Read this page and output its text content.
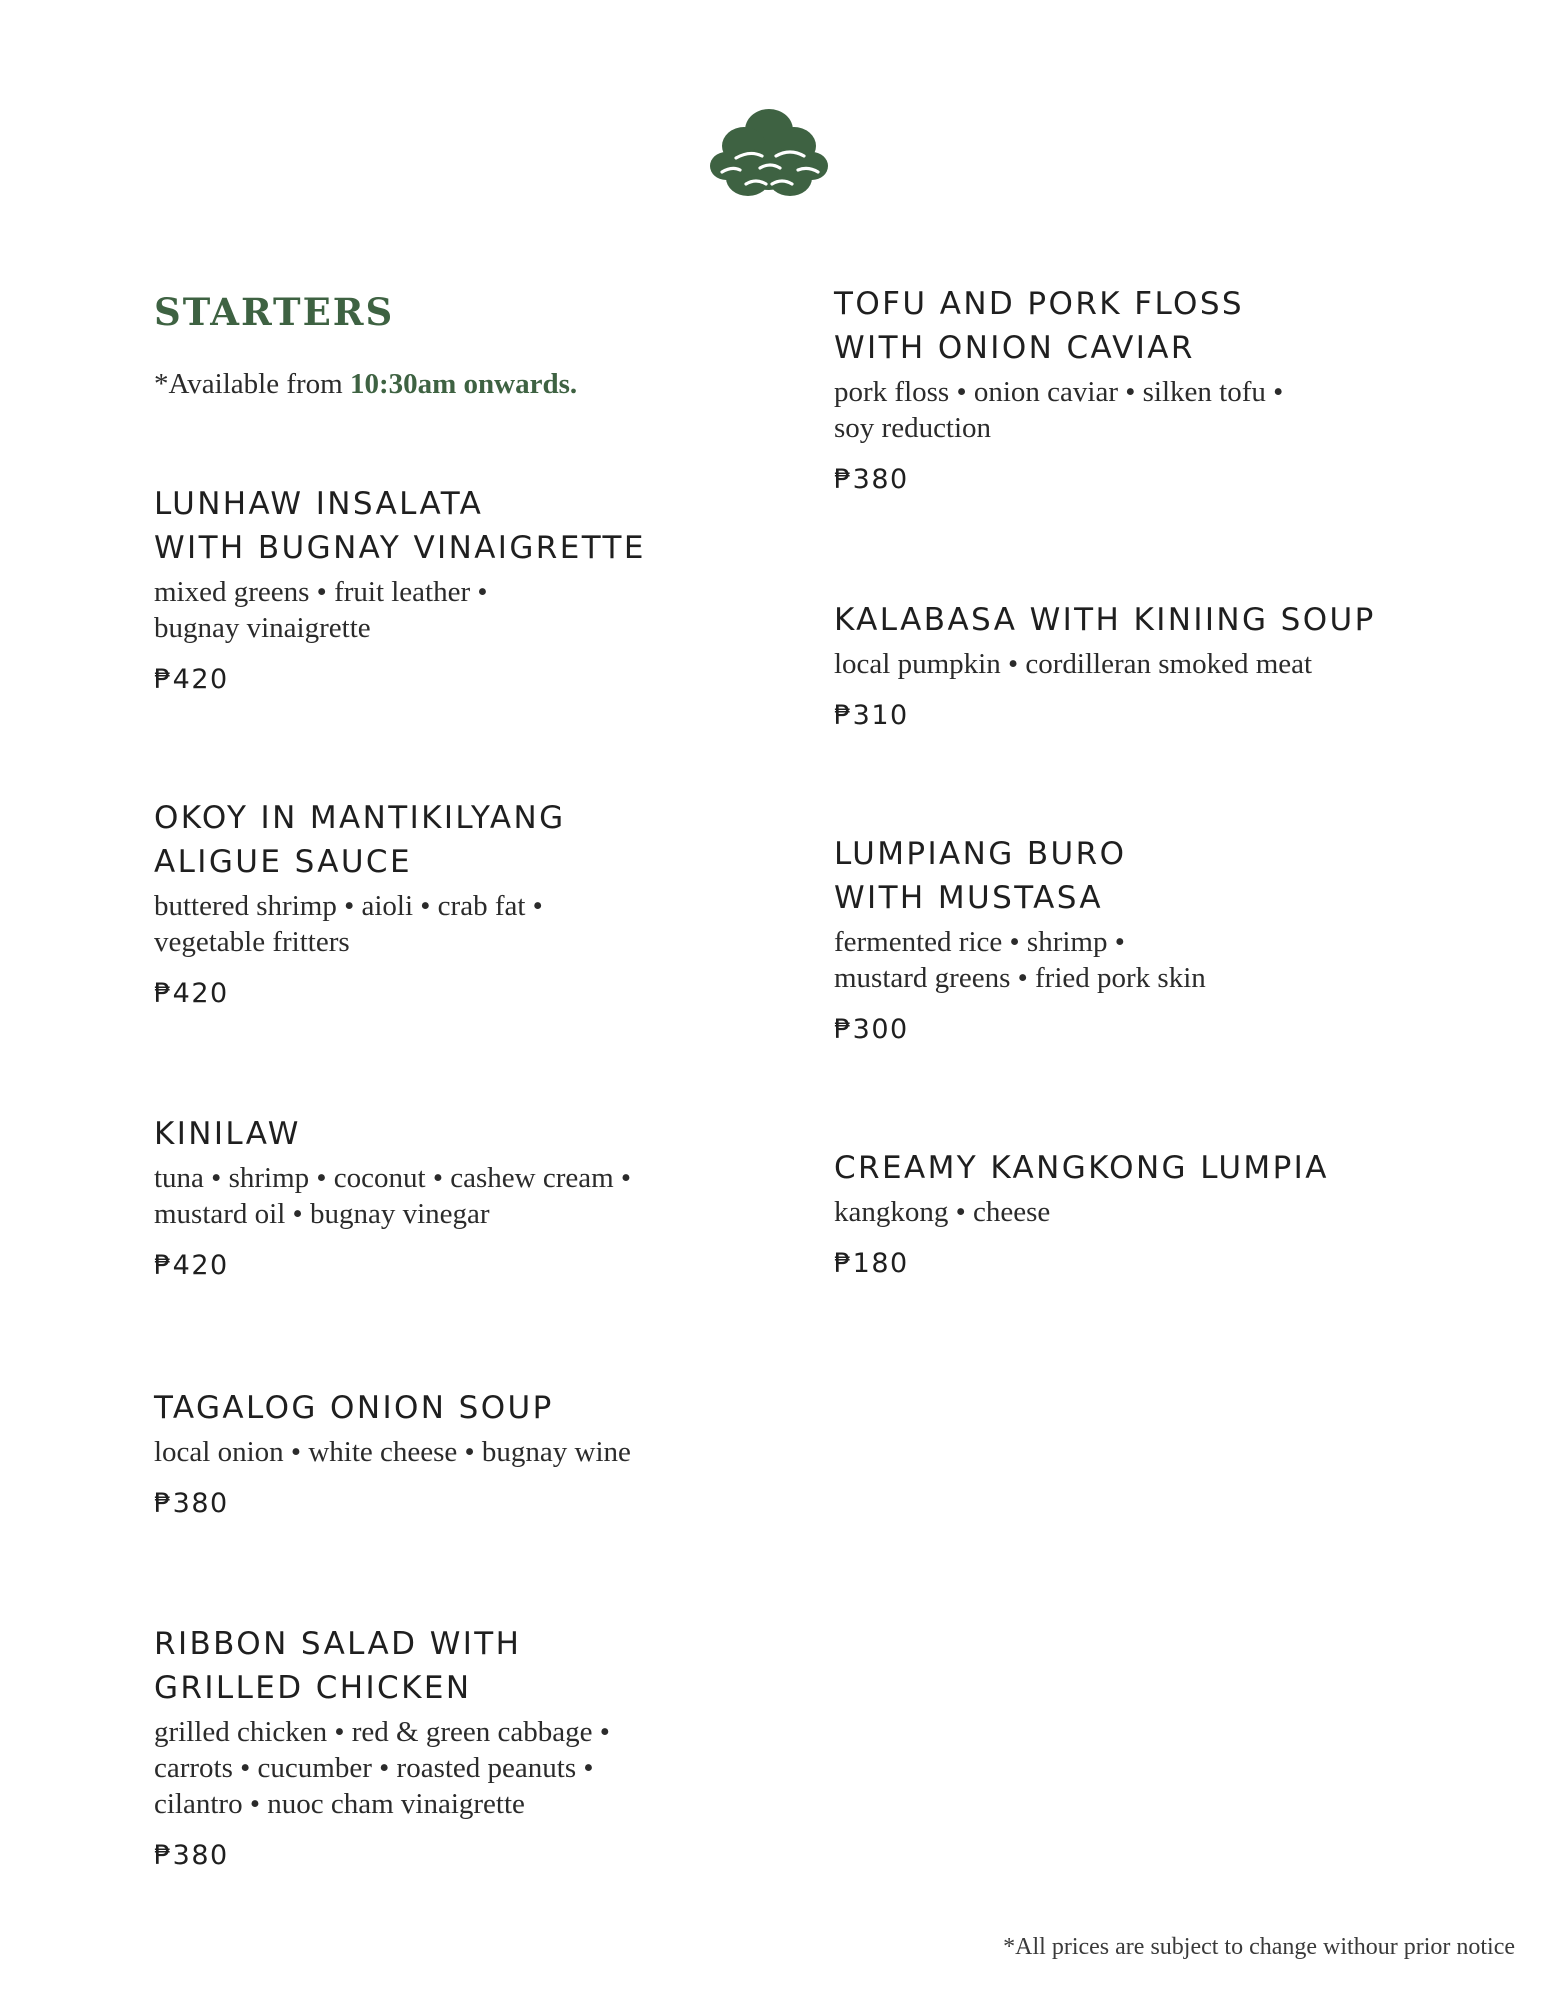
STARTERS
*Available from 10:30am onwards.
LUNHAW INSALATA
WITH BUGNAY VINAIGRETTE
mixed greens • fruit leather •
bugnay vinaigrette
₱420
OKOY IN MANTIKILYANG
ALIGUE SAUCE
buttered shrimp • aioli • crab fat •
vegetable fritters
₱420
KINILAW
tuna • shrimp • coconut • cashew cream •
mustard oil • bugnay vinegar
₱420
TAGALOG ONION SOUP
local onion • white cheese • bugnay wine
₱380
RIBBON SALAD WITH
GRILLED CHICKEN
grilled chicken • red & green cabbage •
carrots • cucumber • roasted peanuts •
cilantro • nuoc cham vinaigrette
₱380
TOFU AND PORK FLOSS
WITH ONION CAVIAR
pork floss • onion caviar • silken tofu •
soy reduction
₱380
KALABASA WITH KINIING SOUP
local pumpkin • cordilleran smoked meat
₱310
LUMPIANG BURO
WITH MUSTASA
fermented rice • shrimp •
mustard greens • fried pork skin
₱300
CREAMY KANGKONG LUMPIA
kangkong • cheese
₱180
*All prices are subject to change withour prior notice
